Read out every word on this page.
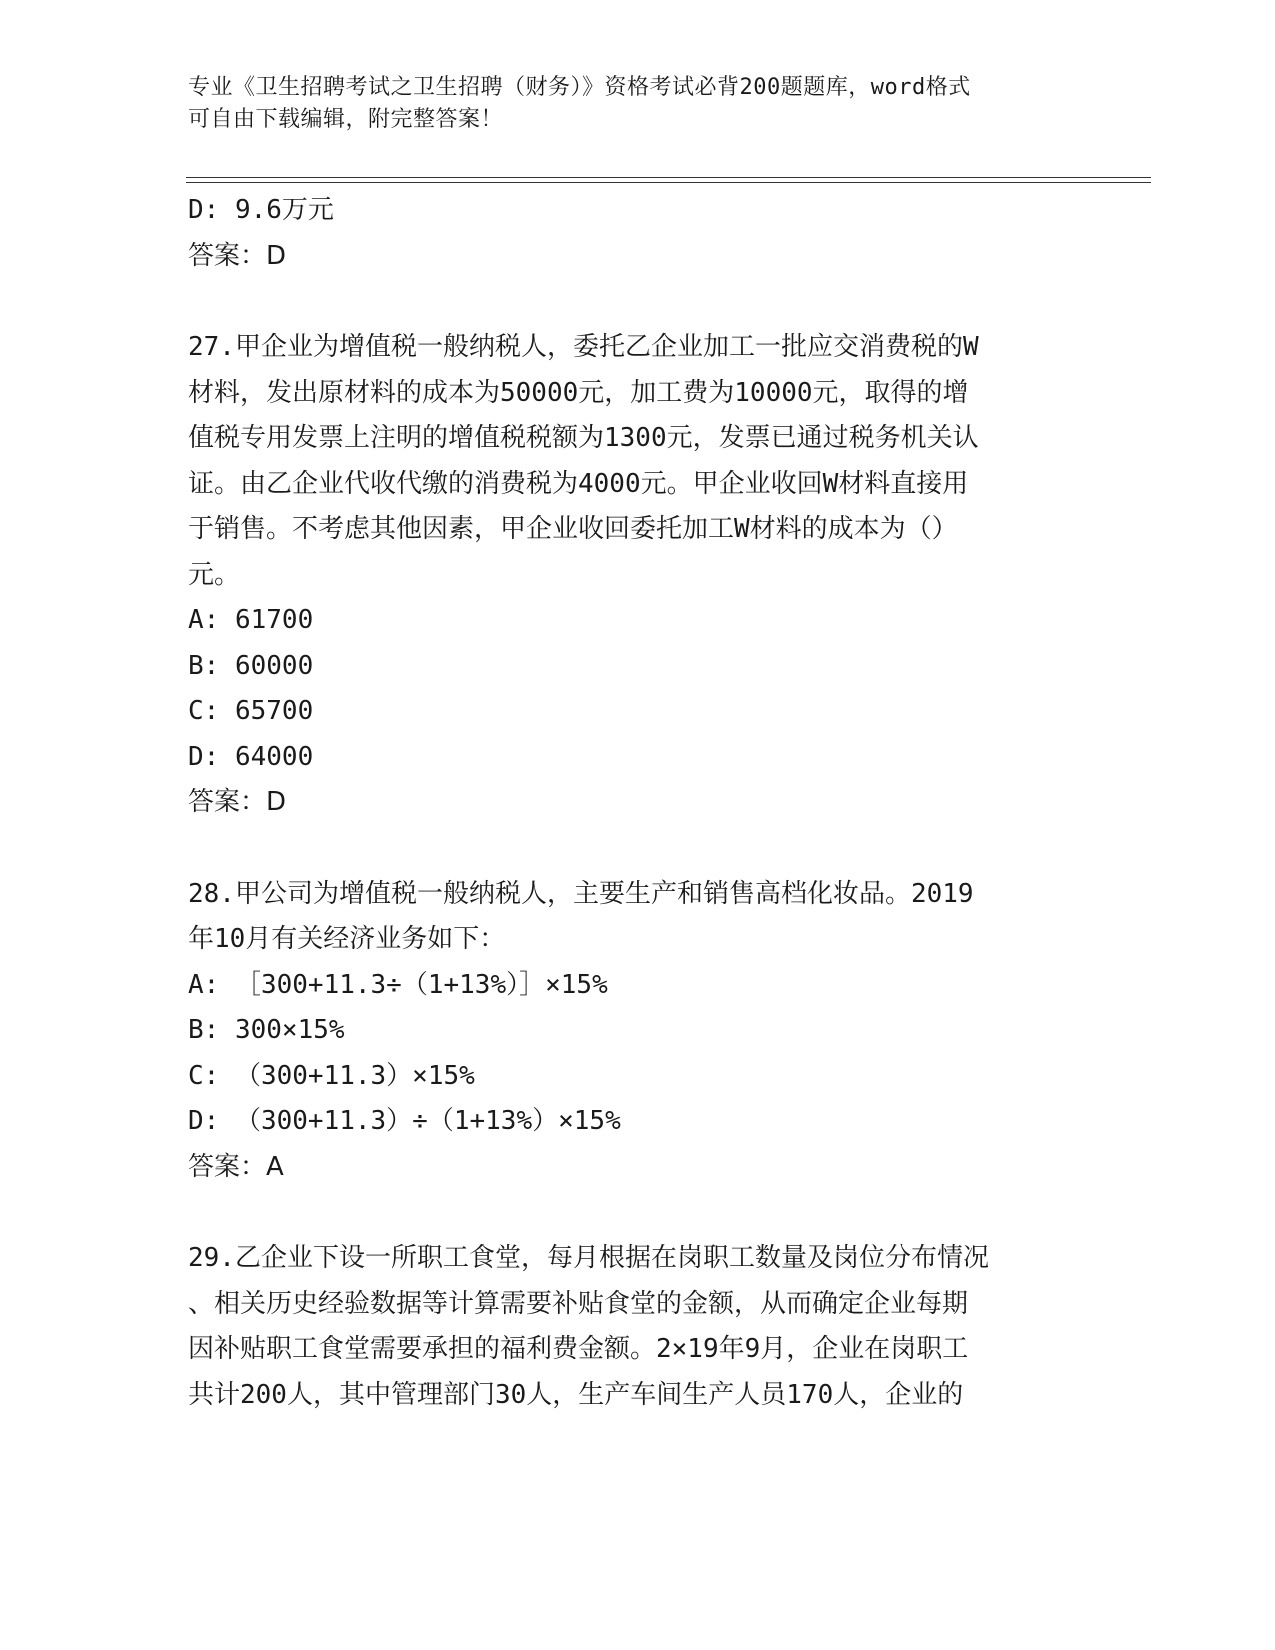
专业《卫生招聘考试之卫生招聘（财务）》资格考试必背200题题库，word格式
可自由下载编辑，附完整答案！
D: 9.6万元
答案：D
27.甲企业为增值税一般纳税人，委托乙企业加工一批应交消费税的W
材料，发出原材料的成本为50000元，加工费为10000元，取得的增
值税专用发票上注明的增值税税额为1300元，发票已通过税务机关认
证。由乙企业代收代缴的消费税为4000元。甲企业收回W材料直接用
于销售。不考虑其他因素，甲企业收回委托加工W材料的成本为（）
元。
A: 61700
B: 60000
C: 65700
D: 64000
答案：D
28.甲公司为增值税一般纳税人，主要生产和销售高档化妆品。2019
年10月有关经济业务如下：
A: ［300+11.3÷（1+13%）］×15%
B: 300×15%
C: （300+11.3）×15%
D: （300+11.3）÷（1+13%）×15%
答案：A
29.乙企业下设一所职工食堂，每月根据在岗职工数量及岗位分布情况
、相关历史经验数据等计算需要补贴食堂的金额，从而确定企业每期
因补贴职工食堂需要承担的福利费金额。2×19年9月，企业在岗职工
共计200人，其中管理部门30人，生产车间生产人员170人，企业的
